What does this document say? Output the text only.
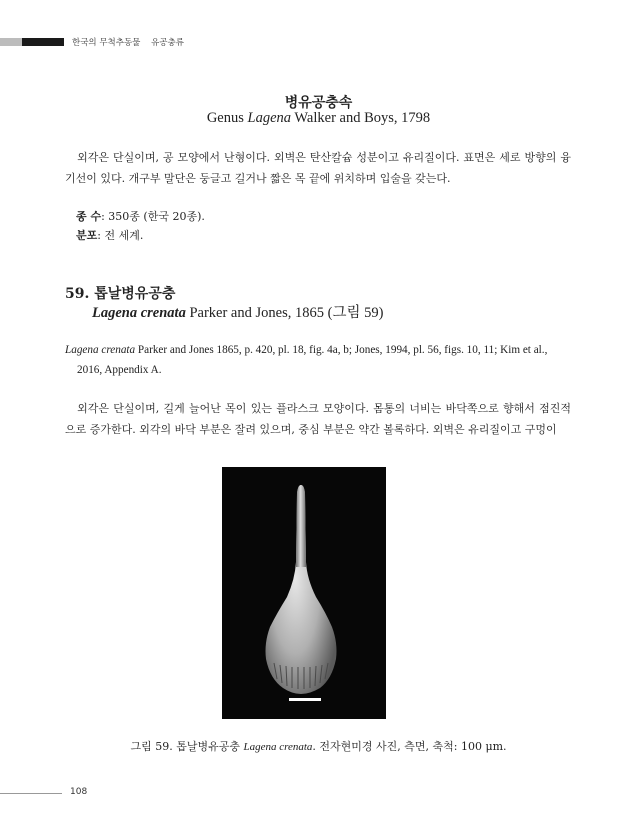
한국의 무척추동물 유공충류
병유공충속
Genus Lagena Walker and Boys, 1798
외각은 단실이며, 공 모양에서 난형이다. 외벽은 탄산칼슘 성분이고 유리질이다. 표면은 세로 방향의 융기선이 있다. 개구부 말단은 둥글고 길거나 짧은 목 끝에 위치하며 입술을 갖는다.
종 수: 350종 (한국 20종).
분포: 전 세계.
59. 톱날병유공충
Lagena crenata Parker and Jones, 1865 (그림 59)
Lagena crenata Parker and Jones 1865, p. 420, pl. 18, fig. 4a, b; Jones, 1994, pl. 56, figs. 10, 11; Kim et al.,
2016, Appendix A.
외각은 단실이며, 길게 늘어난 목이 있는 플라스크 모양이다. 몸통의 너비는 바닥쪽으로 향해서 점진적으로 증가한다. 외각의 바닥 부분은 잘려 있으며, 중심 부분은 약간 볼록하다. 외벽은 유리질이고 구멍이
그림 59. 톱날병유공충 Lagena crenata. 전자현미경 사진, 측면, 축척: 100 μm.
108
